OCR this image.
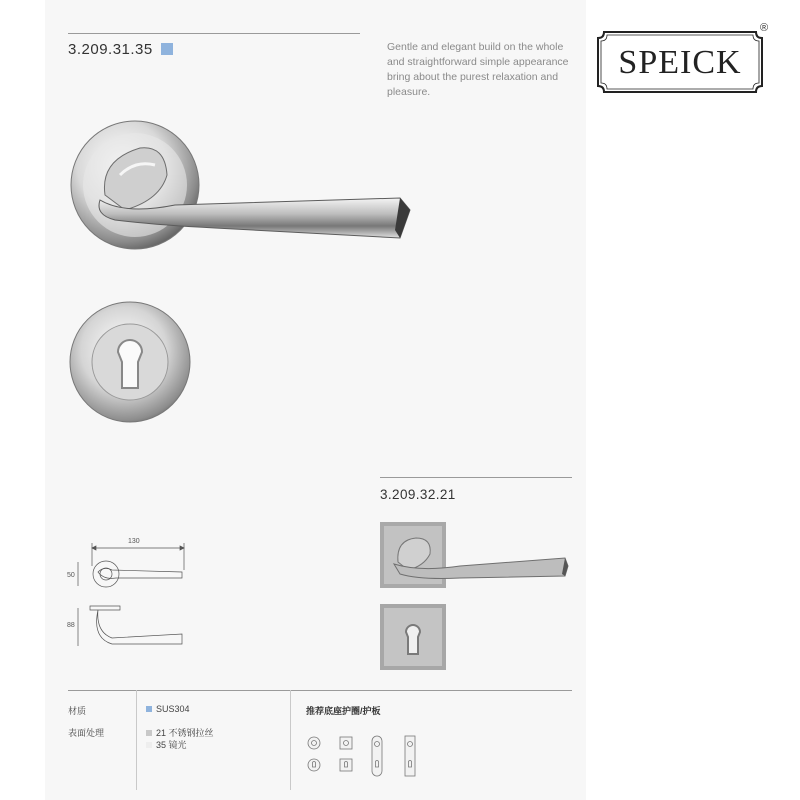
3.209.31.35	Gentle and elegant build on the whole and straightforward simple appearance bring about the purest relaxation and pleasure.
SPEICK
®
3.209.32.21
130
50
88
材质	SUS304
表面处理	21 不锈钢拉丝
35 镜光
推荐底座护圈/护板
